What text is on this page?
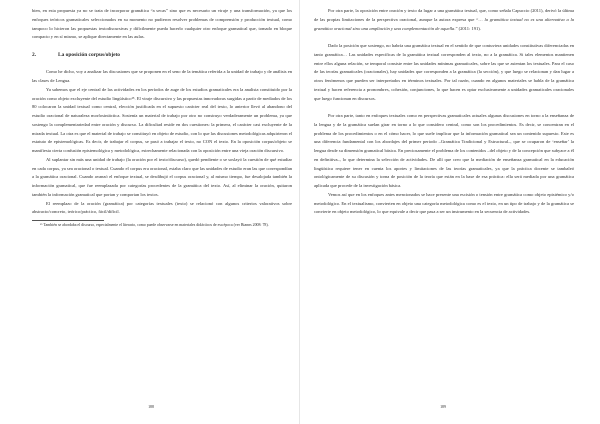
bien, en esta propuesta ya no se trata de incorporar gramática “a secas” sino que es necesario un viraje y una transformación, ya que los enfoques teóricos gramaticales seleccionados en su momento no pudieron resolver problemas de comprensión y producción textual, como tampoco lo hicieron las propuestas textodiscursivas y difícilmente pueda hacerlo cualquier otro enfoque gramatical que, tomado en bloque compacto y en sí mismo, se aplique directamente en las aulas.

2.	La oposición corpus/objeto

Como he dicho, voy a analizar las discusiones que se proponen en el seno de la temática referida a la unidad de trabajo y de análisis en las clases de Lengua.

Ya sabemos que el eje central de las actividades en los períodos de auge de los estudios gramaticales era la analista constituido por la oración como objeto excluyente del estudio lingüístico¹⁵. El viraje discursivo y las propuestas innovadoras surgidas a partir de mediados de los 80 colocaron la unidad textual como central, elección justificada en el supuesto carácter real del texto, lo anterior llevó al abandono del estudio oracional de naturaleza morfosintáctica. Sostenía un material de trabajo por otro no construyo verdaderamente un problema, ya que sostengo la complementariedad entre oración y discurso. La dificultad reside en dos cuestiones: la primera, el carácter casi excluyente de la mirada textual. La otra es que el material de trabajo se constituyó en objeto de estudio, con lo que las discusiones metodológicas adquirieron el estatuto de epistemológicas. Es decir, de trabajar el corpus, se pasó a trabajar el texto, no CON el texto. En la oposición corpus/objeto se manifiesta cierta confusión epistemológica y metodológica, estrechamente relacionada con la oposición entre una vieja oración discursivo.

Al suplantar sin más una unidad de trabajo (la oración por el texto/discurso), quedó pendiente o se soslayó la cuestión de qué estudiar en cada corpus, ya sea oracional o textual. Cuando el corpus era oracional, estaba claro que las unidades de estudio eran las que correspondían a la gramática oracional. Cuando avanzó el enfoque textual, se desdibujó el corpus oracional y, al mismo tiempo, fue desalojada también la información gramatical, que fue reemplazada por categorías procedentes de la gramática del texto. Así, al eliminar la oración, quitaron también la información gramatical que portan y comportan los textos.

El reemplazo de la oración (gramática) por categorías textuales (texto) se relacionó con algunos criterios valorativos sobre abstracto/concreto, teórico/práctico, fácil/difícil.

¹⁵ También se abordaba el discurso, especialmente el literario, como puede observarse en materiales didácticos de esa época (ver Bianns 2008: 78).

188

Por otra parte, la oposición entre oración y texto da lugar a una gramática textual, que, como señala Capuccio (2011), derivó la última de las propias limitaciones de la perspectiva oracional, aunque la autora expresa que “… la gramática textual no es una alternativa a la gramática oracional sino una ampliación y una complementación de aquella.” (2011: 191).

Dado la posición que sostengo, no habría una gramática textual en el sentido de que contuviera unidades constitutivas diferenciadas en tanto gramática… Las unidades específicas de la gramática textual corresponden al texto, no a la gramática. Si tales elementos mantienen entre ellos alguna relación, se temporal consiste entre las unidades mínimas gramaticales, sobre las que se asientan los textuales. Para el caso de las teorías gramaticales (oracionales), hay unidades que corresponden a la gramática (la sección), y que luego se relacionan y dan lugar a otros fenómenos que pueden ser interpretados en términos textuales. Por tal razón, cuando en algunos materiales se habla de la gramática textual y hacen referencia a pronombres, cohesión, conjunciones, lo que hacen es optar exclusivamente a unidades gramaticales oracionales que luego funcionan en discursos.

Por otra parte, tanto en enfoques textuales como en perspectivas gramaticales actuales algunas discusiones en torno a la enseñanza de la lengua y de la gramática suelan girar en torno a lo que considero central, como son los procedimientos. Es decir, se concentran en el problema de los procedimientos o en el cómo hacer, lo que suele implicar que la información gramatical sea un contenido supuesto. Este es una diferencia fundamental con los abordajes del primer periodo –Gramática Tradicional y Estructural–, que se ocuparon de ‘enseñar’ la lengua desde su dimensión gramatical básica. En preciosamente el problema de los contenidos –del objeto y de la concepción que subyace a él en definitiva–, lo que determina la selección de actividades. De allí que creo que la mediación de enseñanza gramatical en la educación lingüística requiere tener en cuenta los aportes y limitaciones de las teorías gramaticales, ya que la práctica docente se tambaleó ontológicamente de su discusión y torna de posición de la teoría que están en la base de esa práctica: ella será mediada por una gramática aplicada que procede de la investigación básica.

Vemos así que en los enfoques antes mencionados se hace presente una escisión o tensión entre gramática como objeto epistémico y/o metodológico. En el textualismo, convierten en objeto una categoría metodológica como es el texto, en un tipo de trabajo y de la gramática se convierte en objeto metodológico, lo que equivale a decir que pasa a ser un instrumento en la secuencia de actividades.

189
